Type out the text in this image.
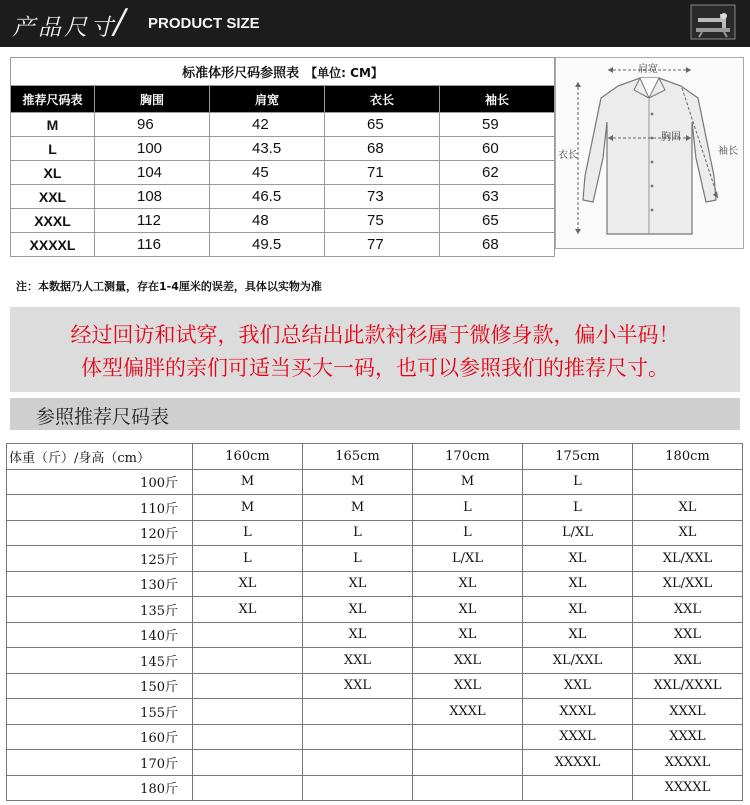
产品尺寸
/ PRODUCT SIZE
标准体形尺码参照表 【单位: CM】				
推荐尺码表	胸围	肩宽	衣长	袖长
M	96	42	65	59
L	100	43.5	68	60
XL	104	45	71	62
XXL	108	46.5	73	63
XXXL	112	48	75	65
XXXXL	116	49.5	77	68
注：本数据乃人工测量，存在1-4厘米的误差，具体以实物为准
肩宽
胸围
衣长	袖长

经过回访和试穿，我们总结出此款衬衫属于微修身款，偏小半码！

体型偏胖的亲们可适当买大一码，也可以参照我们的推荐尺寸。

参照推荐尺码表
体重（斤）/身高（cm）	160cm	165cm	170cm	175cm	180cm
100斤	M	M	M	L	
110斤	M	M	L	L	XL
120斤	L	L	L	L/XL	XL
125斤	L	L	L/XL	XL	XL/XXL
130斤	XL	XL	XL	XL	XL/XXL
135斤	XL	XL	XL	XL	XXL
140斤		XL	XL	XL	XXL
145斤		XXL	XXL	XL/XXL	XXL
150斤		XXL	XXL	XXL	XXL/XXXL
155斤			XXXL	XXXL	XXXL
160斤				XXXL	XXXL
170斤				XXXXL	XXXXL
180斤					XXXXL
